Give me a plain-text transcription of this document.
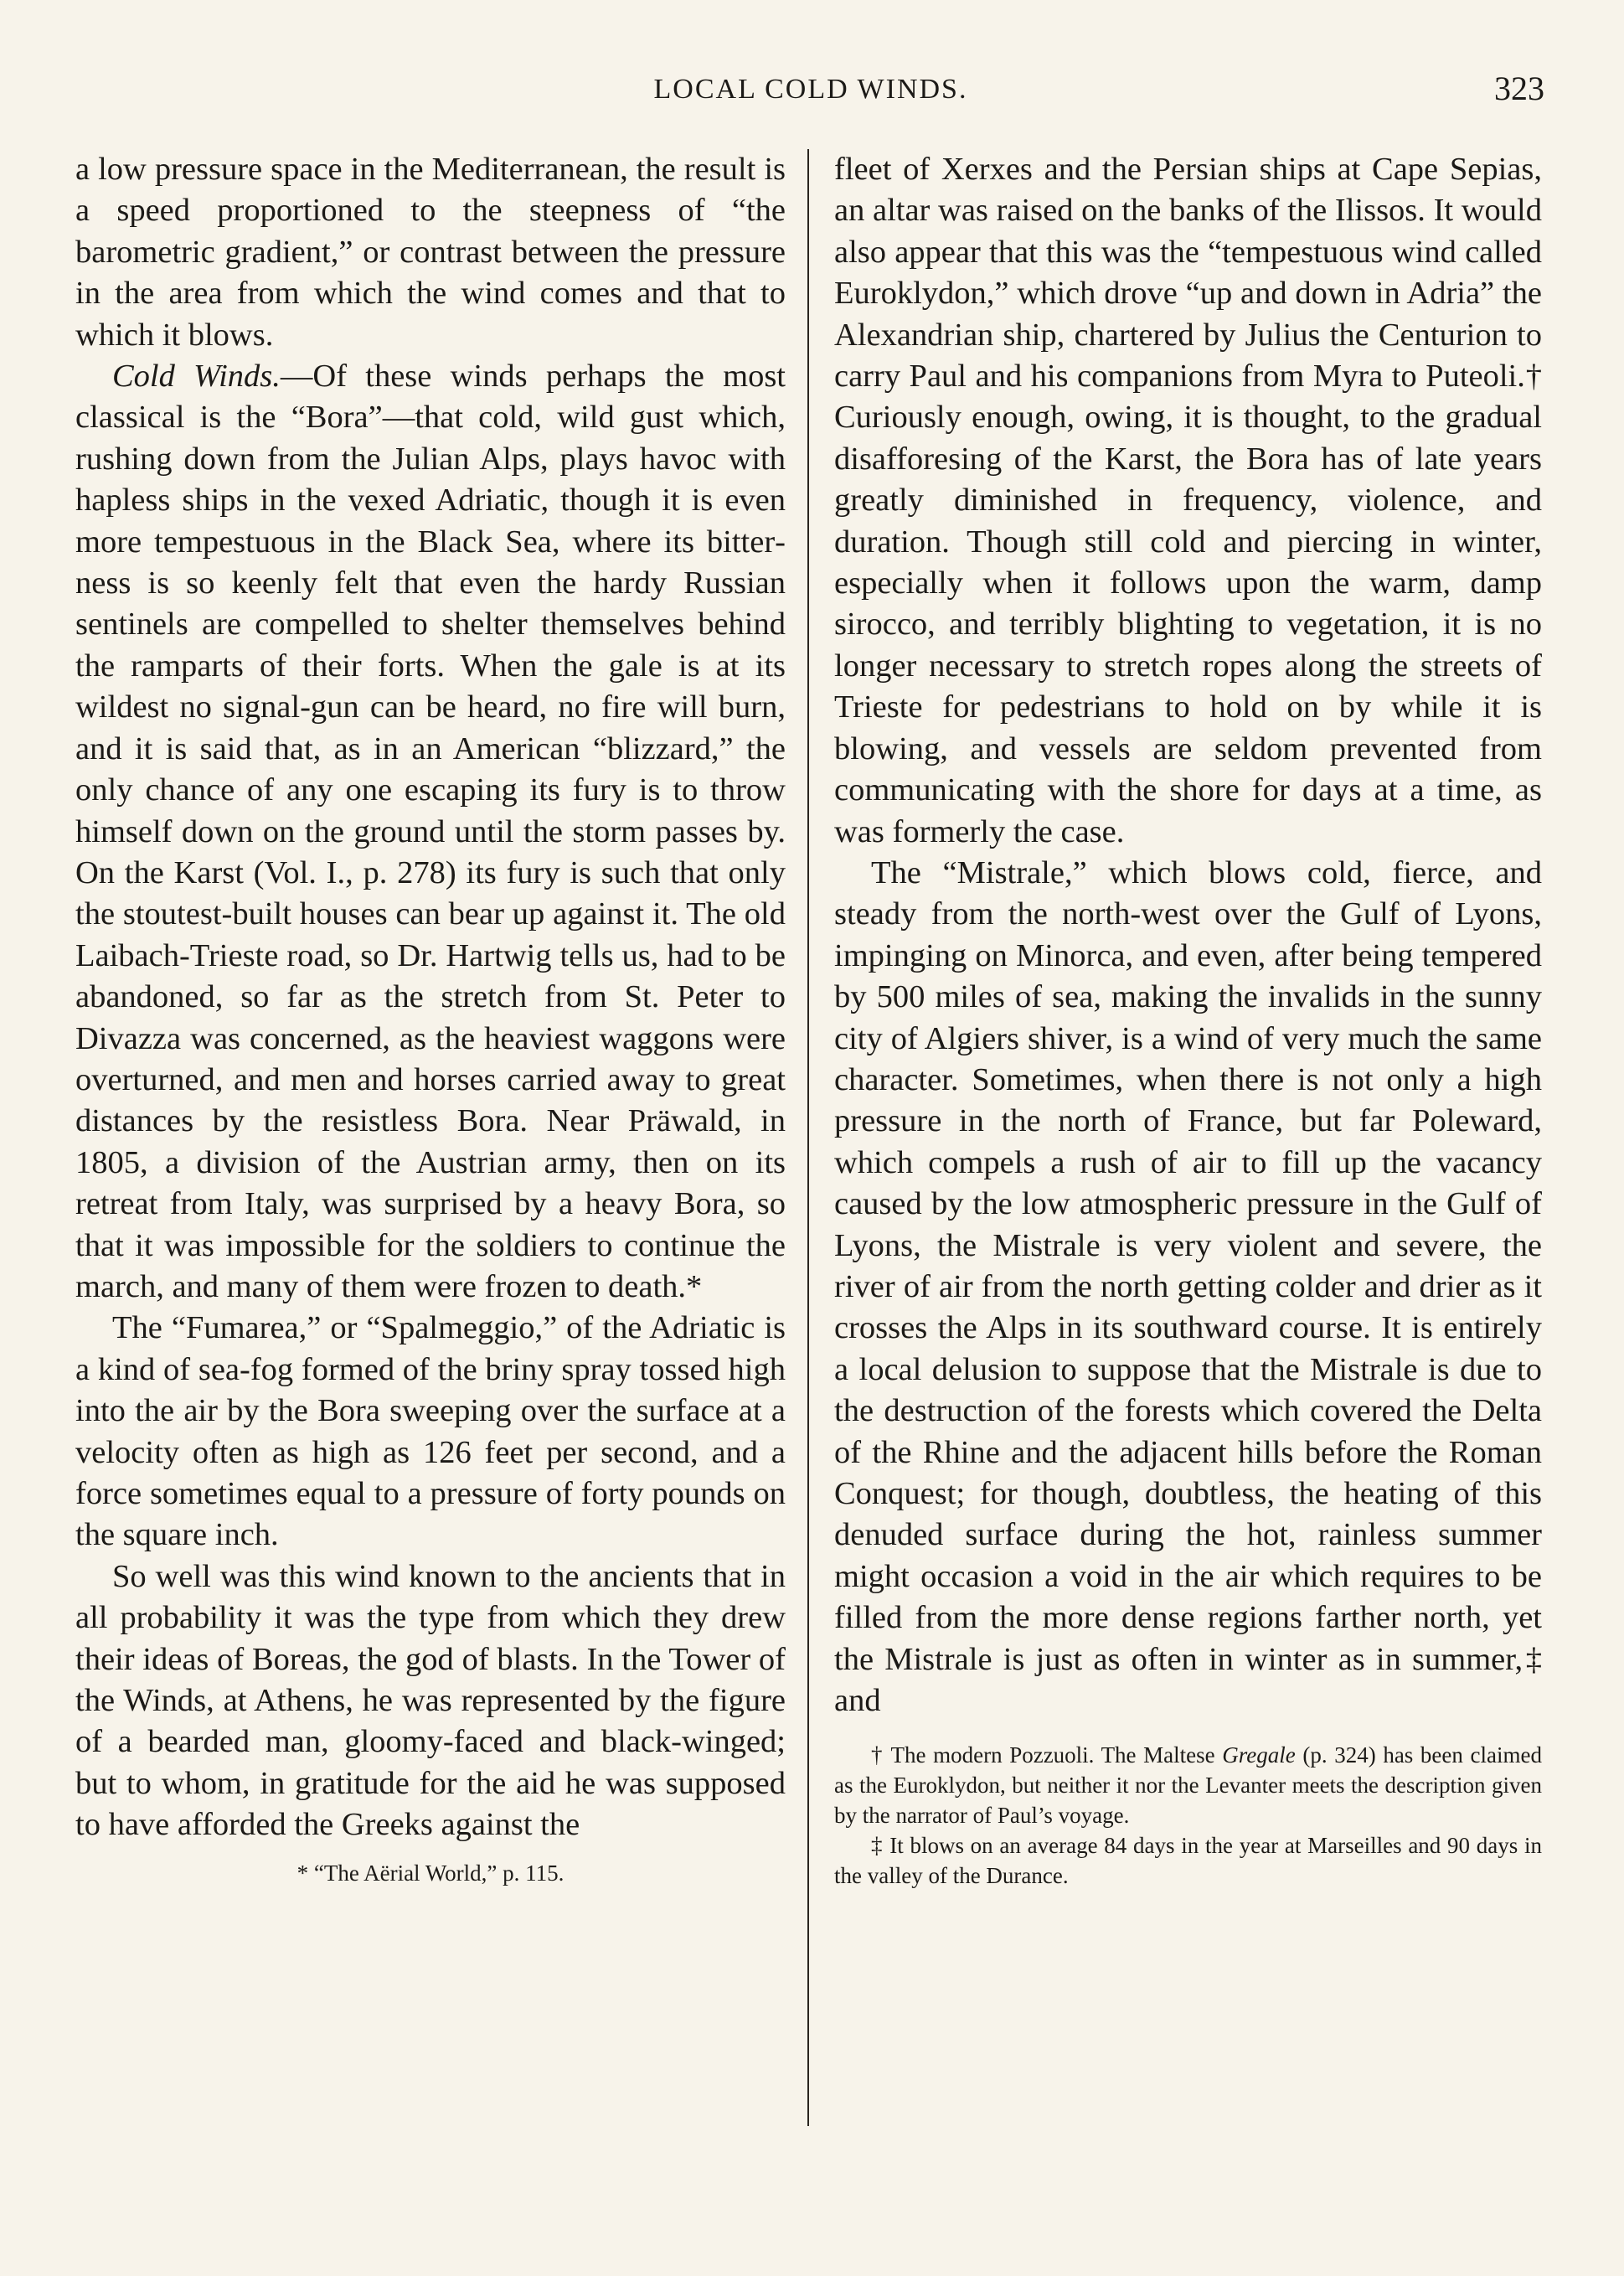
LOCAL COLD WINDS.	323

a low pressure space in the Mediterranean, the result is a speed proportioned to the steepness of “the barometric gradient,” or contrast between the pressure in the area from which the wind comes and that to which it blows.

Cold Winds.—Of these winds perhaps the most classical is the “Bora”—that cold, wild gust which, rushing down from the Julian Alps, plays havoc with hapless ships in the vexed Adriatic, though it is even more tempestuous in the Black Sea, where its bitterness is so keenly felt that even the hardy Russian sentinels are compelled to shelter themselves behind the ramparts of their forts. When the gale is at its wildest no signal-gun can be heard, no fire will burn, and it is said that, as in an American “blizzard,” the only chance of any one escaping its fury is to throw himself down on the ground until the storm passes by. On the Karst (Vol. I., p. 278) its fury is such that only the stoutest-built houses can bear up against it. The old Laibach-Trieste road, so Dr. Hartwig tells us, had to be abandoned, so far as the stretch from St. Peter to Divazza was concerned, as the heaviest waggons were overturned, and men and horses carried away to great distances by the resistless Bora. Near Präwald, in 1805, a division of the Austrian army, then on its retreat from Italy, was surprised by a heavy Bora, so that it was impossible for the soldiers to continue the march, and many of them were frozen to death.*

The “Fumarea,” or “Spalmeggio,” of the Adriatic is a kind of sea-fog formed of the briny spray tossed high into the air by the Bora sweeping over the surface at a velocity often as high as 126 feet per second, and a force sometimes equal to a pressure of forty pounds on the square inch.

So well was this wind known to the ancients that in all probability it was the type from which they drew their ideas of Boreas, the god of blasts. In the Tower of the Winds, at Athens, he was represented by the figure of a bearded man, gloomy-faced and black-winged; but to whom, in gratitude for the aid he was supposed to have afforded the Greeks against the

* “The Aërial World,” p. 115.

fleet of Xerxes and the Persian ships at Cape Sepias, an altar was raised on the banks of the Ilissos. It would also appear that this was the “tempestuous wind called Euroklydon,” which drove “up and down in Adria” the Alexandrian ship, chartered by Julius the Centurion to carry Paul and his companions from Myra to Puteoli.† Curiously enough, owing, it is thought, to the gradual disafforesing of the Karst, the Bora has of late years greatly diminished in frequency, violence, and duration. Though still cold and piercing in winter, especially when it follows upon the warm, damp sirocco, and terribly blighting to vegetation, it is no longer necessary to stretch ropes along the streets of Trieste for pedestrians to hold on by while it is blowing, and vessels are seldom prevented from communicating with the shore for days at a time, as was formerly the case.

The “Mistrale,” which blows cold, fierce, and steady from the north-west over the Gulf of Lyons, impinging on Minorca, and even, after being tempered by 500 miles of sea, making the invalids in the sunny city of Algiers shiver, is a wind of very much the same character. Sometimes, when there is not only a high pressure in the north of France, but far Poleward, which compels a rush of air to fill up the vacancy caused by the low atmospheric pressure in the Gulf of Lyons, the Mistrale is very violent and severe, the river of air from the north getting colder and drier as it crosses the Alps in its southward course. It is entirely a local delusion to suppose that the Mistrale is due to the destruction of the forests which covered the Delta of the Rhine and the adjacent hills before the Roman Conquest; for though, doubtless, the heating of this denuded surface during the hot, rainless summer might occasion a void in the air which requires to be filled from the more dense regions farther north, yet the Mistrale is just as often in winter as in summer,‡ and

† The modern Pozzuoli. The Maltese Gregale (p. 324) has been claimed as the Euroklydon, but neither it nor the Levanter meets the description given by the narrator of Paul’s voyage.

‡ It blows on an average 84 days in the year at Marseilles and 90 days in the valley of the Durance.
